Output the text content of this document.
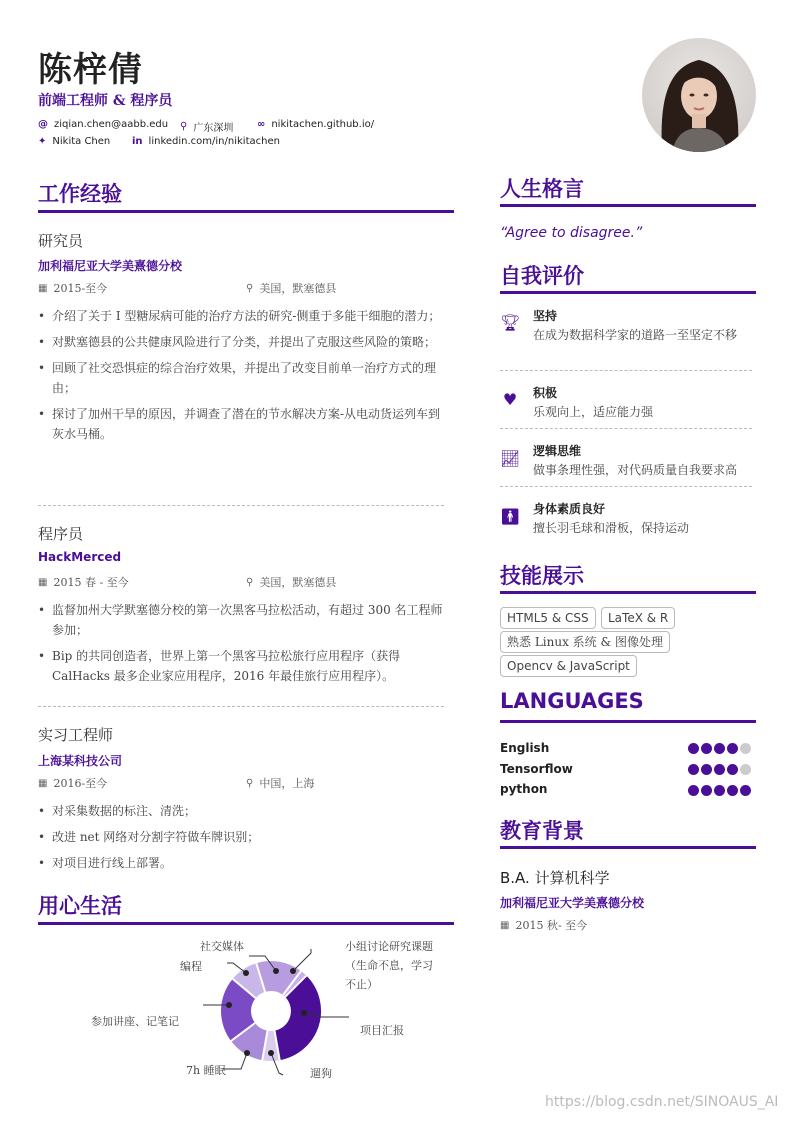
陈梓倩
前端工程师 & 程序员
@ ziqian.chen@aabb.edu ⚲ 广东深圳 ∞ nikitachen.github.io/
✦ Nikita Chen in linkedin.com/in/nikitachen
工作经验
研究员
加利福尼亚大学美熹德分校
▦ 2015-至今	⚲ 美国，默塞德县
• 介绍了关于 I 型糖尿病可能的治疗方法的研究-侧重于多能干细胞的潜力；
• 对默塞德县的公共健康风险进行了分类，并提出了克服这些风险的策略；
• 回顾了社交恐惧症的综合治疗效果，并提出了改变目前单一治疗方式的理由；
• 探讨了加州干旱的原因，并调查了潜在的节水解决方案-从电动货运列车到灰水马桶。
程序员
HackMerced
▦ 2015 春 - 至今	⚲ 美国，默塞德县
• 监督加州大学默塞德分校的第一次黑客马拉松活动，有超过 300 名工程师参加；
• Bip 的共同创造者，世界上第一个黑客马拉松旅行应用程序（获得 CalHacks 最多企业家应用程序，2016 年最佳旅行应用程序）。
实习工程师
上海某科技公司
▦ 2016-至今	⚲ 中国，上海
• 对采集数据的标注、清洗；
• 改进 net 网络对分割字符做车牌识别；
• 对项目进行线上部署。
用心生活
社交媒体
编程
小组讨论研究课题
（生命不息，学习
不止）
项目汇报
遛狗
7h 睡眠
参加讲座、记笔记
人生格言
“Agree to disagree.”
自我评价
🏆︎ 坚持
在成为数据科学家的道路一至坚定不移
♥ 积极
乐观向上，适应能力强
📈︎ 逻辑思维
做事条理性强，对代码质量自我要求高
🚹︎ 身体素质良好
擅长羽毛球和滑板，保持运动
技能展示
HTML5 & CSS	LaTeX & R
熟悉 Linux 系统 & 图像处理
Opencv & JavaScript
LANGUAGES
English
Tensorflow
python
教育背景
B.A. 计算机科学
加利福尼亚大学美熹德分校
▦ 2015 秋- 至今
https://blog.csdn.net/SINOAUS_AI
